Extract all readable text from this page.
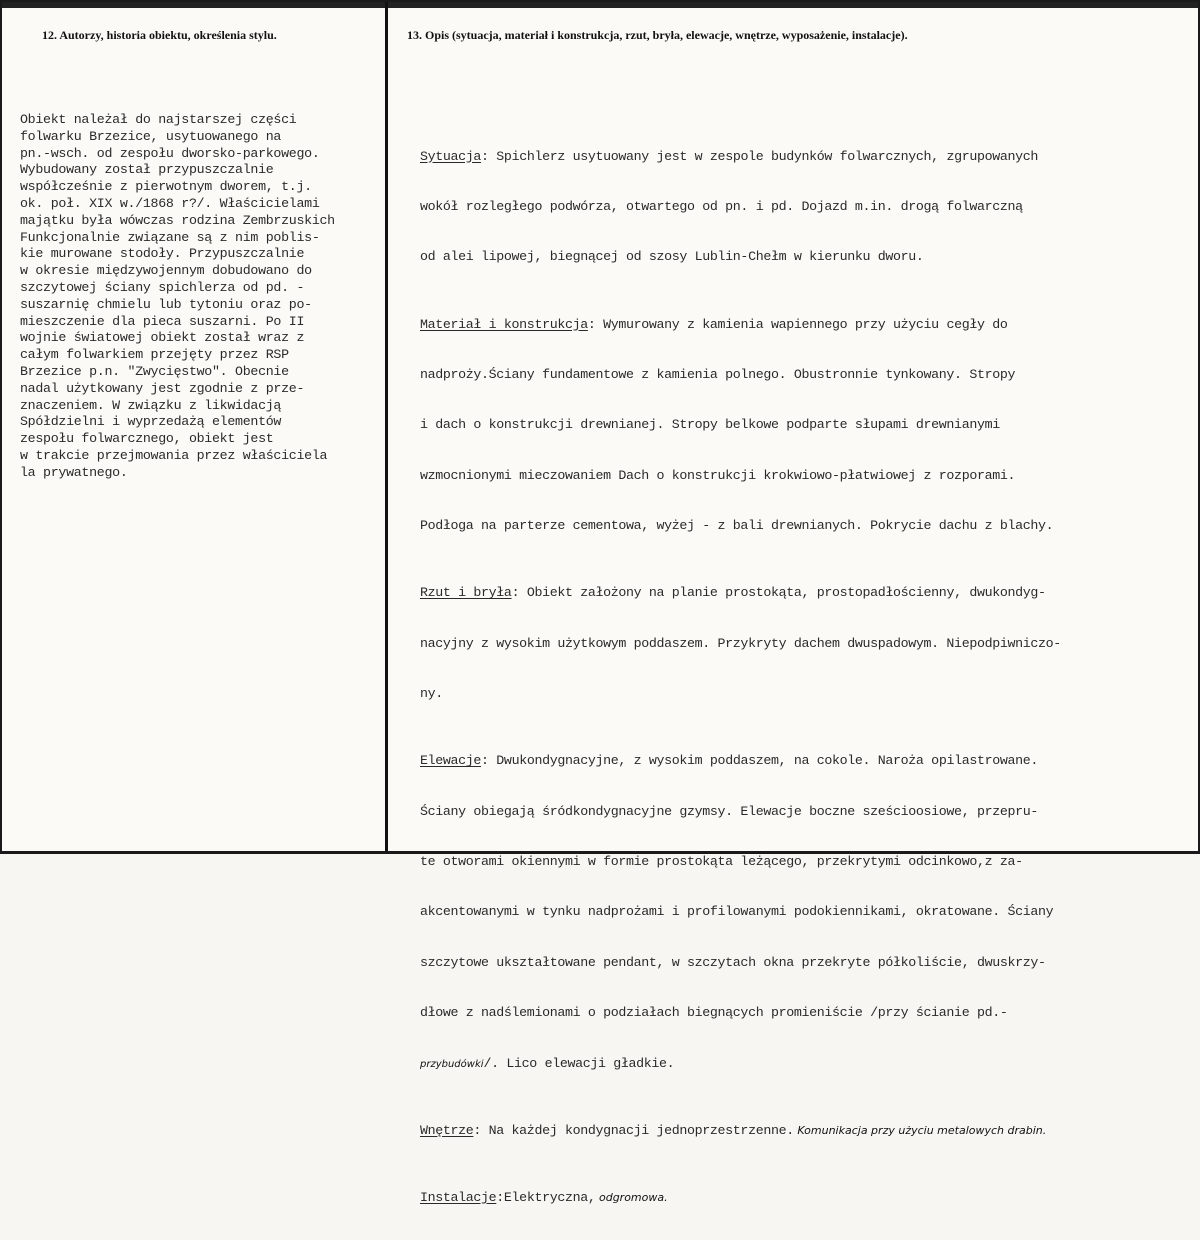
12. Autorzy, historia obiektu, określenia stylu.	13. Opis (sytuacja, materiał i konstrukcja, rzut, bryła, elewacje, wnętrze, wyposażenie, instalacje).
Obiekt należał do najstarszej części
folwarku Brzezice, usytuowanego na
pn.-wsch. od zespołu dworsko-parkowego.
Wybudowany został przypuszczalnie
współcześnie z pierwotnym dworem, t.j.
ok. poł. XIX w./1868 r?/. Właścicielami
majątku była wówczas rodzina Zembrzuskich
Funkcjonalnie związane są z nim poblis-
kie murowane stodoły. Przypuszczalnie
w okresie międzywojennym dobudowano do
szczytowej ściany spichlerza od pd. -
suszarnię chmielu lub tytoniu oraz po-
mieszczenie dla pieca suszarni. Po II
wojnie światowej obiekt został wraz z
całym folwarkiem przejęty przez RSP
Brzezice p.n. "Zwycięstwo". Obecnie
nadal użytkowany jest zgodnie z prze-
znaczeniem. W związku z likwidacją
Spółdzielni i wyprzedażą elementów
zespołu folwarcznego, obiekt jest
w trakcie przejmowania przez właściciela
la prywatnego.

Sytuacja: Spichlerz usytuowany jest w zespole budynków folwarcznych, zgrupowanych

wokół rozległego podwórza, otwartego od pn. i pd. Dojazd m.in. drogą folwarczną

od alei lipowej, biegnącej od szosy Lublin-Chełm w kierunku dworu.

Materiał i konstrukcja: Wymurowany z kamienia wapiennego przy użyciu cegły do

nadproży.Ściany fundamentowe z kamienia polnego. Obustronnie tynkowany. Stropy

i dach o konstrukcji drewnianej. Stropy belkowe podparte słupami drewnianymi

wzmocnionymi mieczowaniem Dach o konstrukcji krokwiowo-płatwiowej z rozporami.

Podłoga na parterze cementowa, wyżej - z bali drewnianych. Pokrycie dachu z blachy.

Rzut i bryła: Obiekt założony na planie prostokąta, prostopadłościenny, dwukondyg-

nacyjny z wysokim użytkowym poddaszem. Przykryty dachem dwuspadowym. Niepodpiwniczo-

ny.

Elewacje: Dwukondygnacyjne, z wysokim poddaszem, na cokole. Naroża opilastrowane.

Ściany obiegają śródkondygnacyjne gzymsy. Elewacje boczne sześcioosiowe, przepru-

te otworami okiennymi w formie prostokąta leżącego, przekrytymi odcinkowo,z za-

akcentowanymi w tynku nadprożami i profilowanymi podokiennikami, okratowane. Ściany

szczytowe ukształtowane pendant, w szczytach okna przekryte półkoliście, dwuskrzy-

dłowe z nadślemionami o podziałach biegnących promieniście /przy ścianie pd.-

przybudówki/. Lico elewacji gładkie.

Wnętrze: Na każdej kondygnacji jednoprzestrzenne. Komunikacja przy użyciu metalowych drabin.

Instalacje:Elektryczna, odgromowa.
